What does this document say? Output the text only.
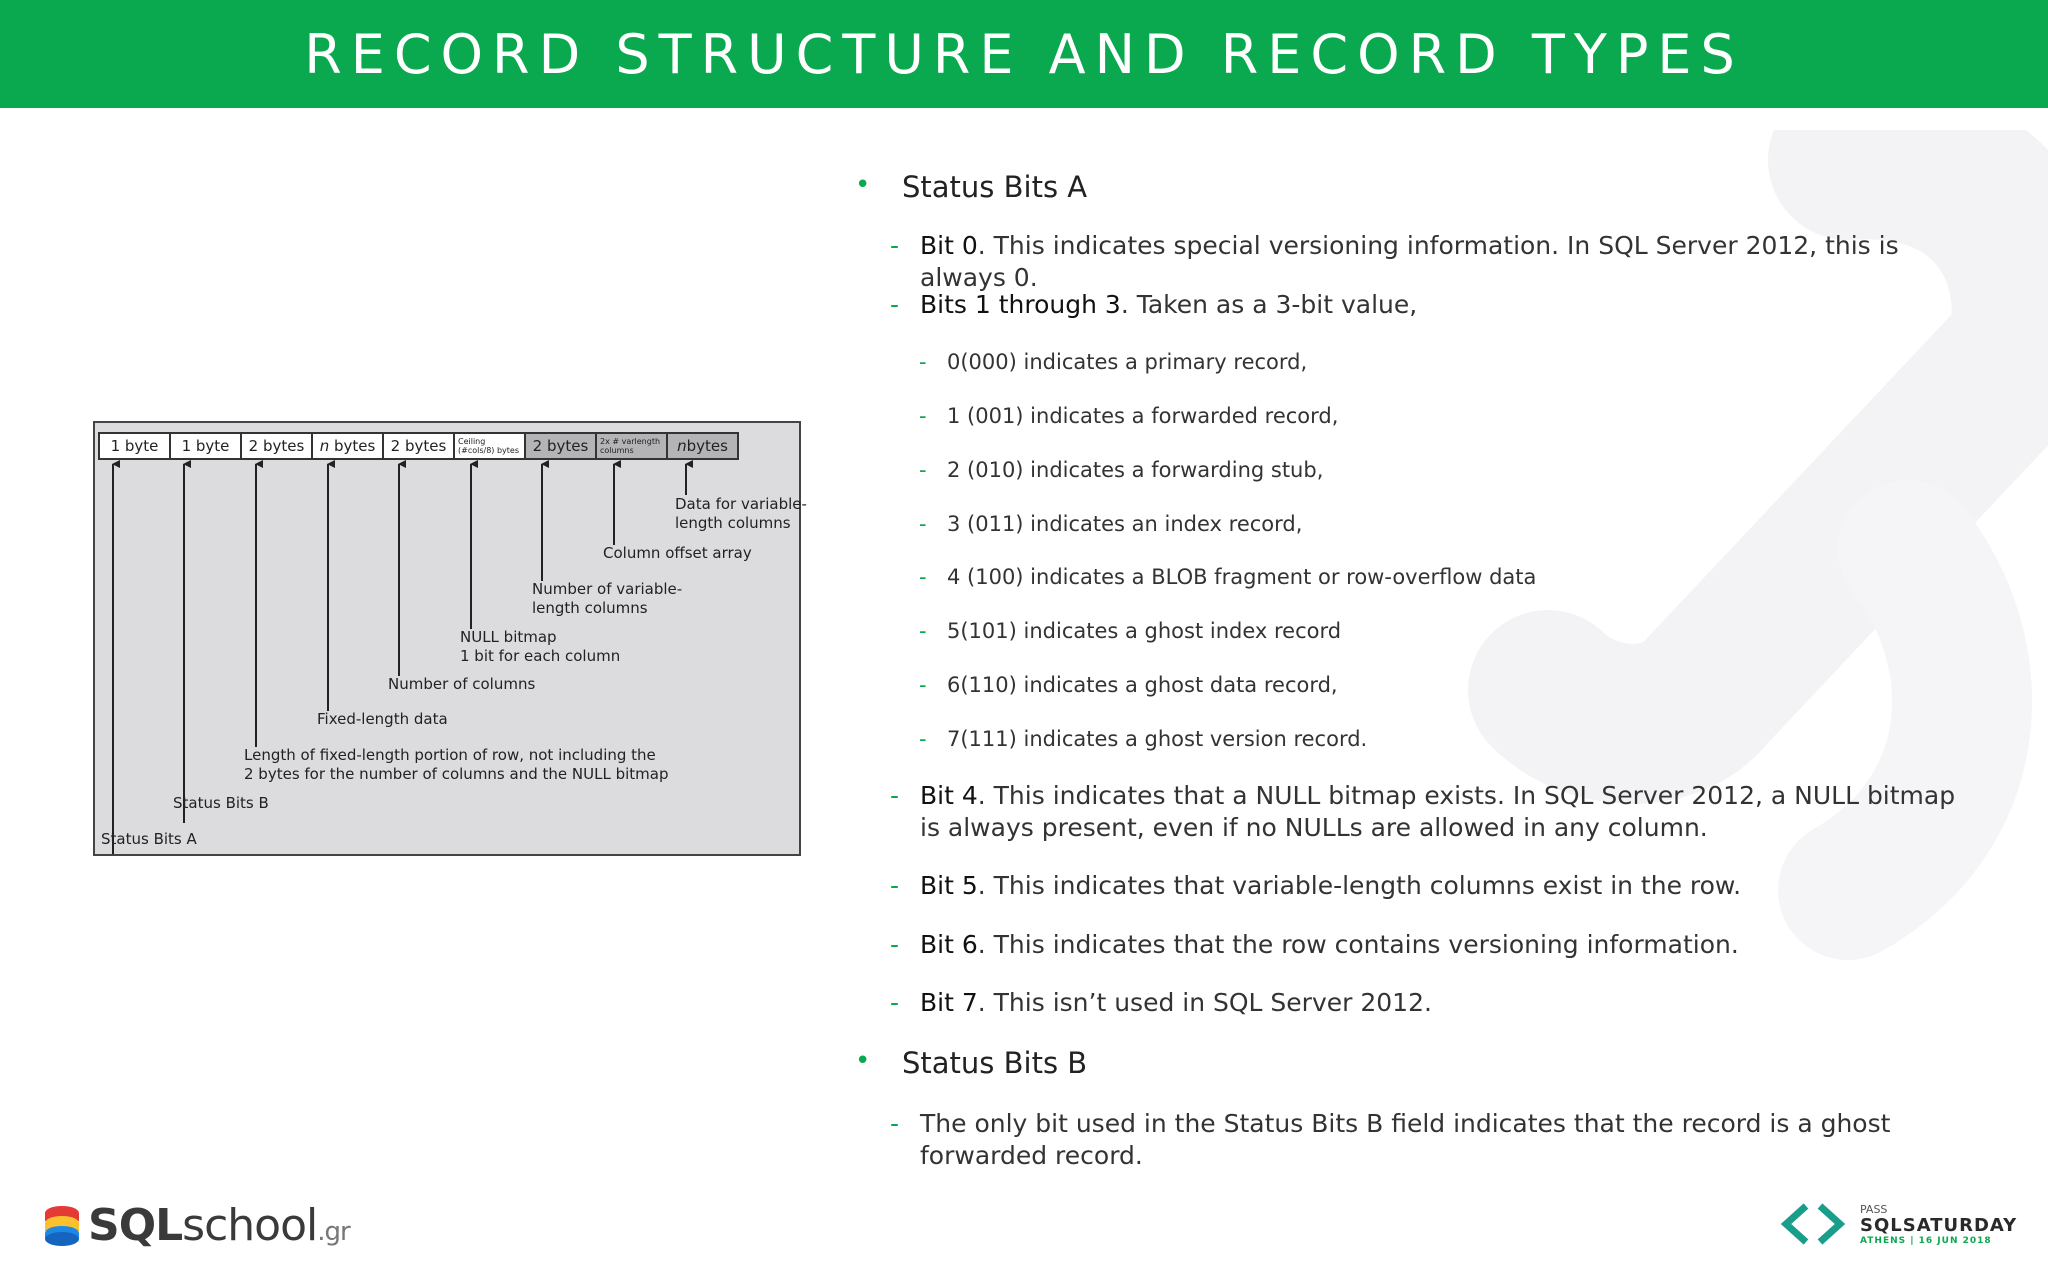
RECORD STRUCTURE AND RECORD TYPES
1 byte	1 byte	2 bytes	n bytes	2 bytes	Ceiling
(#cols/8) bytes 2 bytes	2x # varlength
columns	n bytes
Data for variable-
length columns
Column offset array
Number of variable-
length columns
NULL bitmap
1 bit for each column
Number of columns
Fixed-length data
Length of fixed-length portion of row, not including the
2 bytes for the number of columns and the NULL bitmap
Status Bits B
Status Bits A
• Status Bits A
- Bit 0. This indicates special versioning information. In SQL Server 2012, this is always 0.
- Bits 1 through 3. Taken as a 3-bit value,
- 0(000) indicates a primary record,
- 1 (001) indicates a forwarded record,
- 2 (010) indicates a forwarding stub,
- 3 (011) indicates an index record,
- 4 (100) indicates a BLOB fragment or row-overflow data
- 5(101) indicates a ghost index record
- 6(110) indicates a ghost data record,
- 7(111) indicates a ghost version record.
- Bit 4. This indicates that a NULL bitmap exists. In SQL Server 2012, a NULL bitmap is always present, even if no NULLs are allowed in any column.
- Bit 5. This indicates that variable-length columns exist in the row.
- Bit 6. This indicates that the row contains versioning information.
- Bit 7. This isn’t used in SQL Server 2012.
• Status Bits B
- The only bit used in the Status Bits B field indicates that the record is a ghost forwarded record.
SQLschool.gr
PASS
SQLSATURDAY
ATHENS | 16 JUN 2018
